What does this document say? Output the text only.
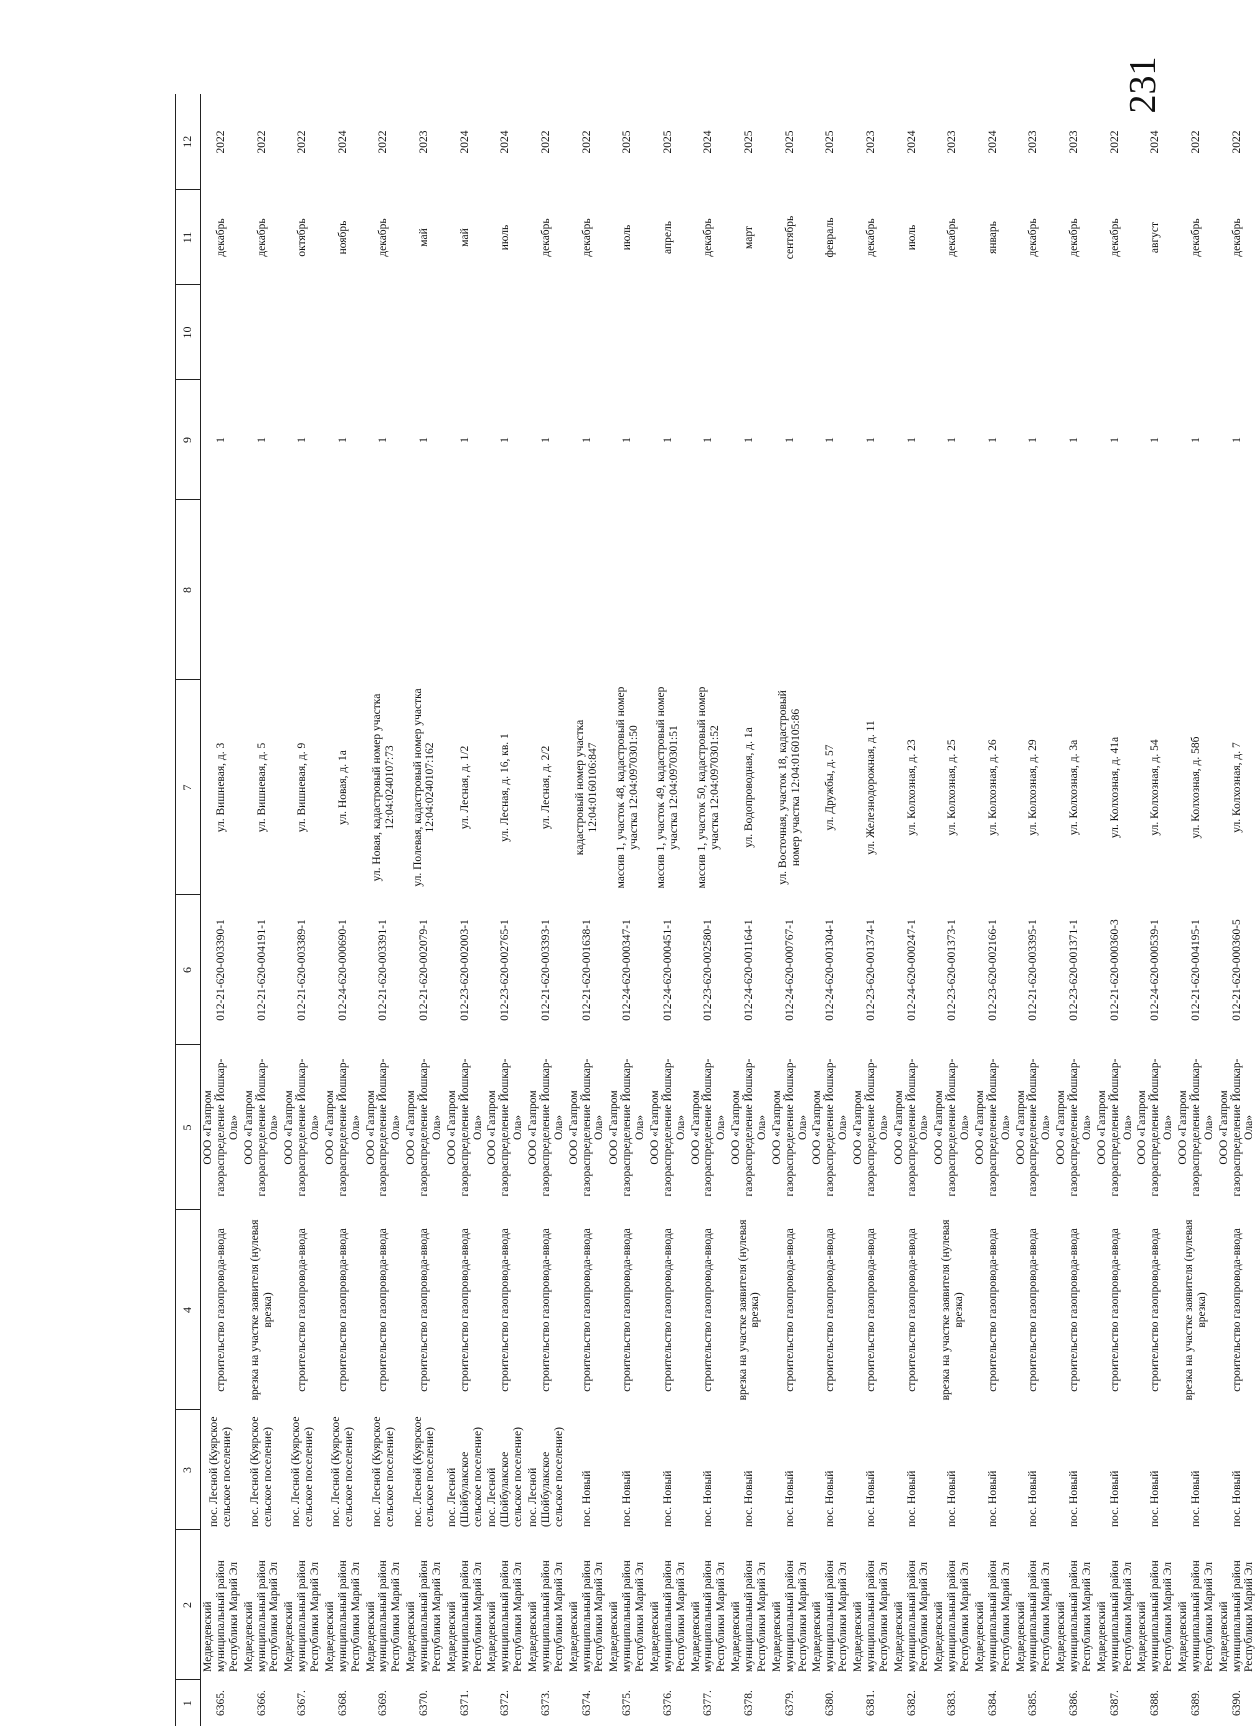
231
1	2	3	4	5	6	7	8	9	10	11	12
6365.	Медведевский муниципальный район Республики Марий Эл	пос. Лесной (Куярское сельское поселение)	строительство газопровода-ввода	ООО «Газпром газораспределение Йошкар-Ола»	012-21-620-003390-1	ул. Вишневая, д. 3		1		декабрь	2022
6366.	Медведевский муниципальный район Республики Марий Эл	пос. Лесной (Куярское сельское поселение)	врезка на участке заявителя (нулевая врезка)	ООО «Газпром газораспределение Йошкар-Ола»	012-21-620-004191-1	ул. Вишневая, д. 5		1		декабрь	2022
6367.	Медведевский муниципальный район Республики Марий Эл	пос. Лесной (Куярское сельское поселение)	строительство газопровода-ввода	ООО «Газпром газораспределение Йошкар-Ола»	012-21-620-003389-1	ул. Вишневая, д. 9		1		октябрь	2022
6368.	Медведевский муниципальный район Республики Марий Эл	пос. Лесной (Куярское сельское поселение)	строительство газопровода-ввода	ООО «Газпром газораспределение Йошкар-Ола»	012-24-620-000690-1	ул. Новая, д. 1а		1		ноябрь	2024
6369.	Медведевский муниципальный район Республики Марий Эл	пос. Лесной (Куярское сельское поселение)	строительство газопровода-ввода	ООО «Газпром газораспределение Йошкар-Ола»	012-21-620-003391-1	ул. Новая, кадастровый номер участка 12:04:0240107:73		1		декабрь	2022
6370.	Медведевский муниципальный район Республики Марий Эл	пос. Лесной (Куярское сельское поселение)	строительство газопровода-ввода	ООО «Газпром газораспределение Йошкар-Ола»	012-21-620-002079-1	ул. Полевая, кадастровый номер участка 12:04:0240107:162		1		май	2023
6371.	Медведевский муниципальный район Республики Марий Эл	пос. Лесной (Шойбулакское сельское поселение)	строительство газопровода-ввода	ООО «Газпром газораспределение Йошкар-Ола»	012-23-620-002003-1	ул. Лесная, д. 1/2		1		май	2024
6372.	Медведевский муниципальный район Республики Марий Эл	пос. Лесной (Шойбулакское сельское поселение)	строительство газопровода-ввода	ООО «Газпром газораспределение Йошкар-Ола»	012-23-620-002765-1	ул. Лесная, д. 16, кв. 1		1		июль	2024
6373.	Медведевский муниципальный район Республики Марий Эл	пос. Лесной (Шойбулакское сельское поселение)	строительство газопровода-ввода	ООО «Газпром газораспределение Йошкар-Ола»	012-21-620-003393-1	ул. Лесная, д. 2/2		1		декабрь	2022
6374.	Медведевский муниципальный район Республики Марий Эл	пос. Новый	строительство газопровода-ввода	ООО «Газпром газораспределение Йошкар-Ола»	012-21-620-001638-1	кадастровый номер участка 12:04:0160106:847		1		декабрь	2022
6375.	Медведевский муниципальный район Республики Марий Эл	пос. Новый	строительство газопровода-ввода	ООО «Газпром газораспределение Йошкар-Ола»	012-24-620-000347-1	массив 1, участок 48, кадастровый номер участка 12:04:0970301:50		1		июль	2025
6376.	Медведевский муниципальный район Республики Марий Эл	пос. Новый	строительство газопровода-ввода	ООО «Газпром газораспределение Йошкар-Ола»	012-24-620-000451-1	массив 1, участок 49, кадастровый номер участка 12:04:0970301:51		1		апрель	2025
6377.	Медведевский муниципальный район Республики Марий Эл	пос. Новый	строительство газопровода-ввода	ООО «Газпром газораспределение Йошкар-Ола»	012-23-620-002580-1	массив 1, участок 50, кадастровый номер участка 12:04:0970301:52		1		декабрь	2024
6378.	Медведевский муниципальный район Республики Марий Эл	пос. Новый	врезка на участке заявителя (нулевая врезка)	ООО «Газпром газораспределение Йошкар-Ола»	012-24-620-001164-1	ул. Водопроводная, д. 1а		1		март	2025
6379.	Медведевский муниципальный район Республики Марий Эл	пос. Новый	строительство газопровода-ввода	ООО «Газпром газораспределение Йошкар-Ола»	012-24-620-000767-1	ул. Восточная, участок 18, кадастровый номер участка 12:04:0160105:86		1		сентябрь	2025
6380.	Медведевский муниципальный район Республики Марий Эл	пос. Новый	строительство газопровода-ввода	ООО «Газпром газораспределение Йошкар-Ола»	012-24-620-001304-1	ул. Дружбы, д. 57		1		февраль	2025
6381.	Медведевский муниципальный район Республики Марий Эл	пос. Новый	строительство газопровода-ввода	ООО «Газпром газораспределение Йошкар-Ола»	012-23-620-001374-1	ул. Железнодорожная, д. 11		1		декабрь	2023
6382.	Медведевский муниципальный район Республики Марий Эл	пос. Новый	строительство газопровода-ввода	ООО «Газпром газораспределение Йошкар-Ола»	012-24-620-000247-1	ул. Колхозная, д. 23		1		июль	2024
6383.	Медведевский муниципальный район Республики Марий Эл	пос. Новый	врезка на участке заявителя (нулевая врезка)	ООО «Газпром газораспределение Йошкар-Ола»	012-23-620-001373-1	ул. Колхозная, д. 25		1		декабрь	2023
6384.	Медведевский муниципальный район Республики Марий Эл	пос. Новый	строительство газопровода-ввода	ООО «Газпром газораспределение Йошкар-Ола»	012-23-620-002166-1	ул. Колхозная, д. 26		1		январь	2024
6385.	Медведевский муниципальный район Республики Марий Эл	пос. Новый	строительство газопровода-ввода	ООО «Газпром газораспределение Йошкар-Ола»	012-21-620-003395-1	ул. Колхозная, д. 29		1		декабрь	2023
6386.	Медведевский муниципальный район Республики Марий Эл	пос. Новый	строительство газопровода-ввода	ООО «Газпром газораспределение Йошкар-Ола»	012-23-620-001371-1	ул. Колхозная, д. 3а		1		декабрь	2023
6387.	Медведевский муниципальный район Республики Марий Эл	пос. Новый	строительство газопровода-ввода	ООО «Газпром газораспределение Йошкар-Ола»	012-21-620-000360-3	ул. Колхозная, д. 41а		1		декабрь	2022
6388.	Медведевский муниципальный район Республики Марий Эл	пос. Новый	строительство газопровода-ввода	ООО «Газпром газораспределение Йошкар-Ола»	012-24-620-000539-1	ул. Колхозная, д. 54		1		август	2024
6389.	Медведевский муниципальный район Республики Марий Эл	пос. Новый	врезка на участке заявителя (нулевая врезка)	ООО «Газпром газораспределение Йошкар-Ола»	012-21-620-004195-1	ул. Колхозная, д. 58б		1		декабрь	2022
6390.	Медведевский муниципальный район Республики Марий Эл	пос. Новый	строительство газопровода-ввода	ООО «Газпром газораспределение Йошкар-Ола»	012-21-620-000360-5	ул. Колхозная, д. 7		1		декабрь	2022
